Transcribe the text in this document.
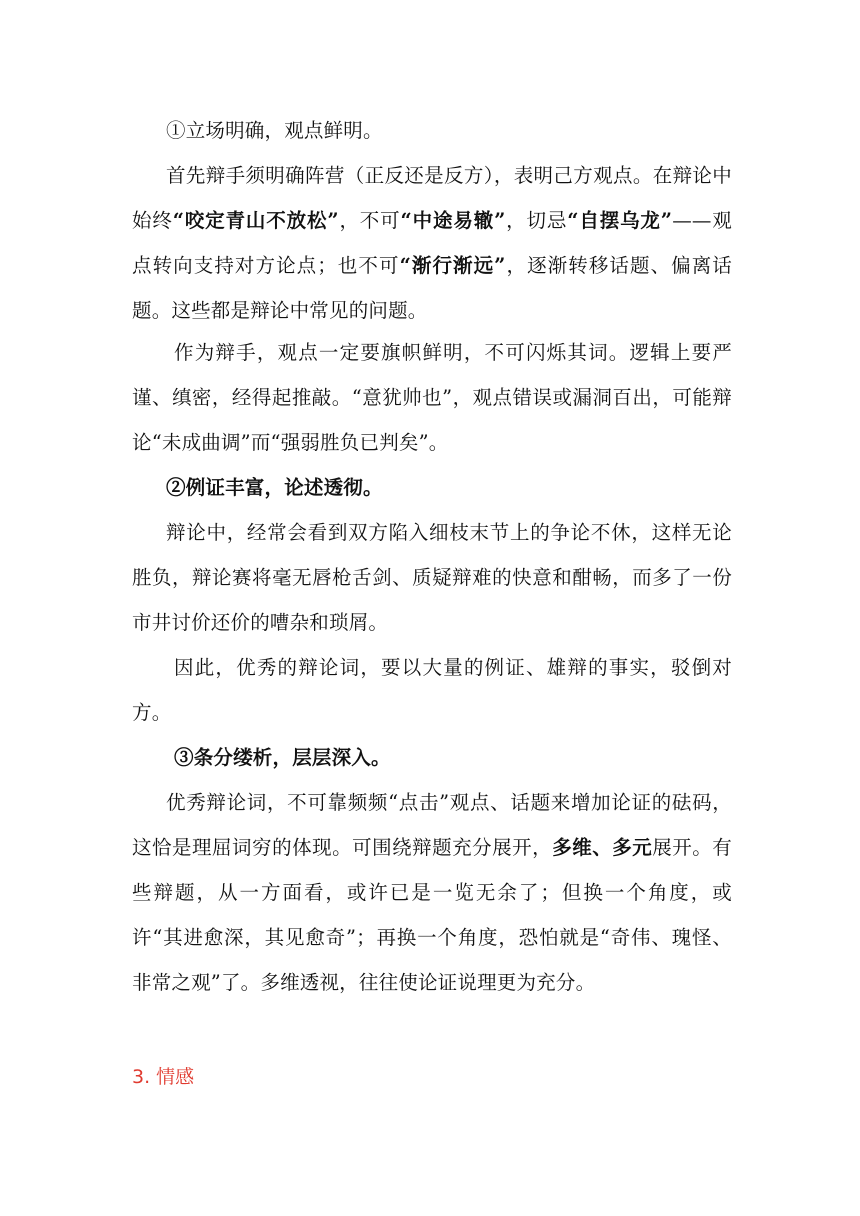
①立场明确，观点鲜明。
首先辩手须明确阵营（正反还是反方），表明己方观点。在辩论中始终“咬定青山不放松”，不可“中途易辙”，切忌“自摆乌龙”——观点转向支持对方论点；也不可“渐行渐远”，逐渐转移话题、偏离话题。这些都是辩论中常见的问题。
作为辩手，观点一定要旗帜鲜明，不可闪烁其词。逻辑上要严谨、缜密，经得起推敲。“意犹帅也”，观点错误或漏洞百出，可能辩论“未成曲调”而“强弱胜负已判矣”。
②例证丰富，论述透彻。
辩论中，经常会看到双方陷入细枝末节上的争论不休，这样无论胜负，辩论赛将毫无唇枪舌剑、质疑辩难的快意和酣畅，而多了一份市井讨价还价的嘈杂和琐屑。
因此，优秀的辩论词，要以大量的例证、雄辩的事实，驳倒对方。
③条分缕析，层层深入。
优秀辩论词，不可靠频频“点击”观点、话题来增加论证的砝码，这恰是理屈词穷的体现。可围绕辩题充分展开，多维、多元展开。有些辩题，从一方面看，或许已是一览无余了；但换一个角度，或许“其进愈深，其见愈奇”；再换一个角度，恐怕就是“奇伟、瑰怪、非常之观”了。多维透视，往往使论证说理更为充分。
3. 情感
